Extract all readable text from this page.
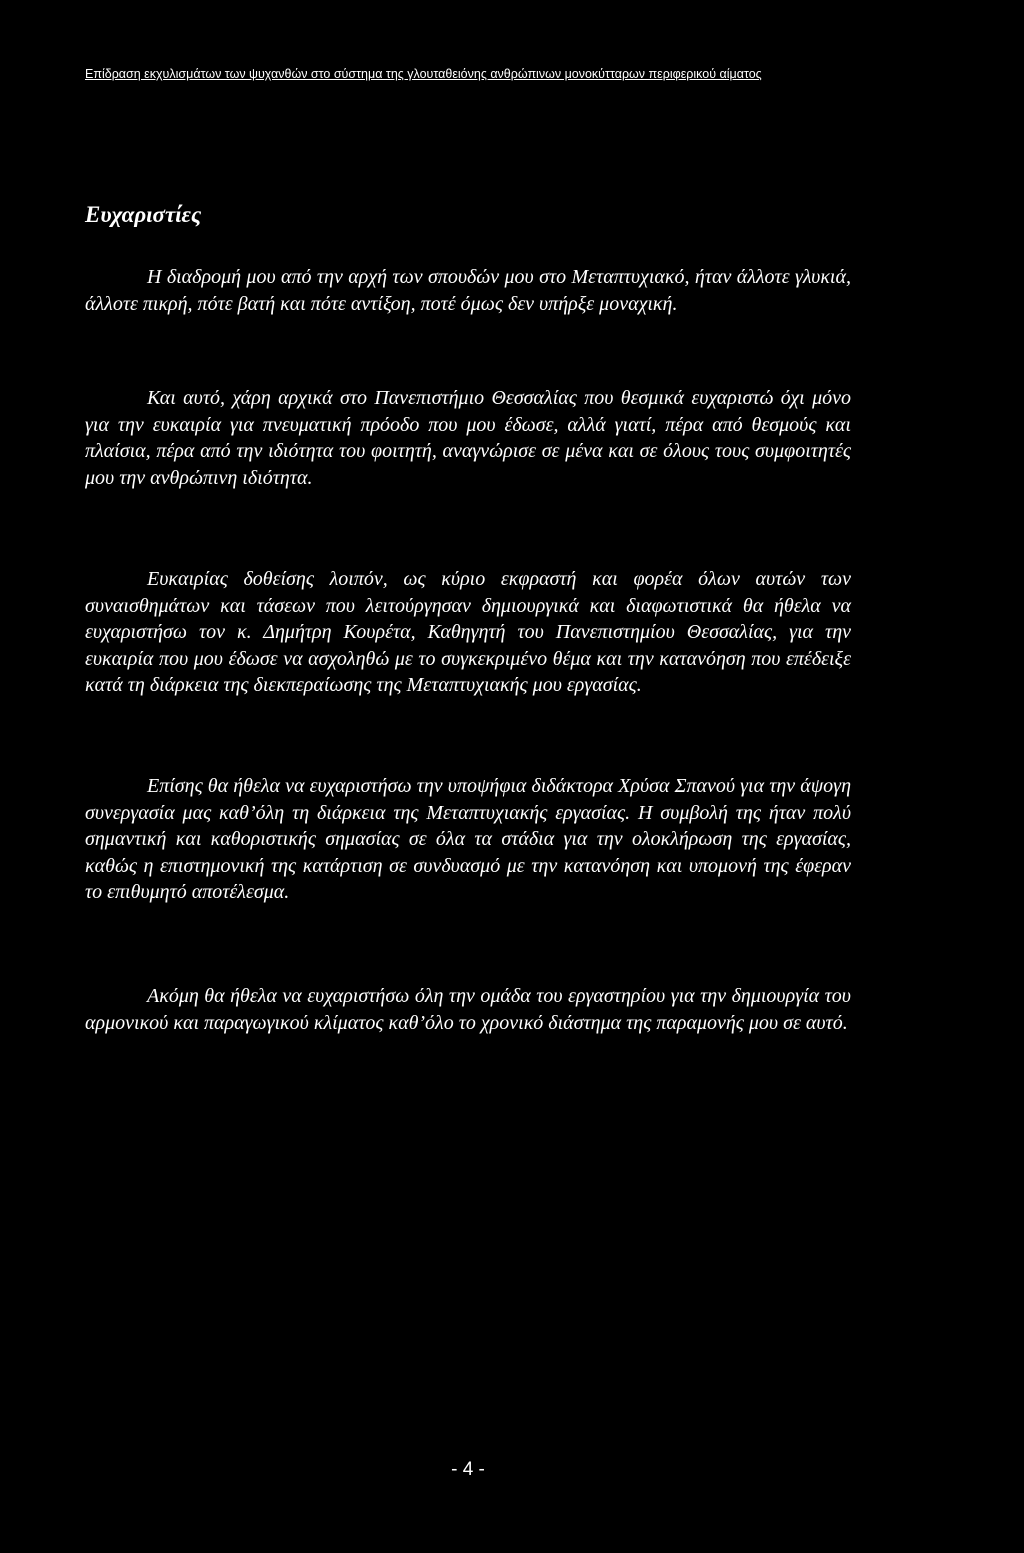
Επίδραση εκχυλισμάτων των ψυχανθών στο σύστημα της γλουταθειόνης ανθρώπινων μονοκύτταρων περιφερικού αίματος
Ευχαριστίες

Η διαδρομή μου από την αρχή των σπουδών μου στο Μεταπτυχιακό, ήταν άλλοτε γλυκιά, άλλοτε πικρή, πότε βατή και πότε αντίξοη, ποτέ όμως δεν υπήρξε μοναχική.

Και αυτό, χάρη αρχικά στο Πανεπιστήμιο Θεσσαλίας που θεσμικά ευχαριστώ όχι μόνο για την ευκαιρία για πνευματική πρόοδο που μου έδωσε, αλλά γιατί, πέρα από θεσμούς και πλαίσια, πέρα από την ιδιότητα του φοιτητή, αναγνώρισε σε μένα και σε όλους τους συμφοιτητές μου την ανθρώπινη ιδιότητα.

Ευκαιρίας δοθείσης λοιπόν, ως κύριο εκφραστή και φορέα όλων αυτών των συναισθημάτων και τάσεων που λειτούργησαν δημιουργικά και διαφωτιστικά θα ήθελα να ευχαριστήσω τον κ. Δημήτρη Κουρέτα, Καθηγητή του Πανεπιστημίου Θεσσαλίας, για την ευκαιρία που μου έδωσε να ασχοληθώ με το συγκεκριμένο θέμα και την κατανόηση που επέδειξε κατά τη διάρκεια της διεκπεραίωσης της Μεταπτυχιακής μου εργασίας.

Επίσης θα ήθελα να ευχαριστήσω την υποψήφια διδάκτορα Χρύσα Σπανού για την άψογη συνεργασία μας καθ’όλη τη διάρκεια της Μεταπτυχιακής εργασίας. Η συμβολή της ήταν πολύ σημαντική και καθοριστικής σημασίας σε όλα τα στάδια για την ολοκλήρωση της εργασίας, καθώς η επιστημονική της κατάρτιση σε συνδυασμό με την κατανόηση και υπομονή της έφεραν το επιθυμητό αποτέλεσμα.

Ακόμη θα ήθελα να ευχαριστήσω όλη την ομάδα του εργαστηρίου για την δημιουργία του αρμονικού και παραγωγικού κλίματος καθ’όλο το χρονικό διάστημα της παραμονής μου σε αυτό.

- 4 -
